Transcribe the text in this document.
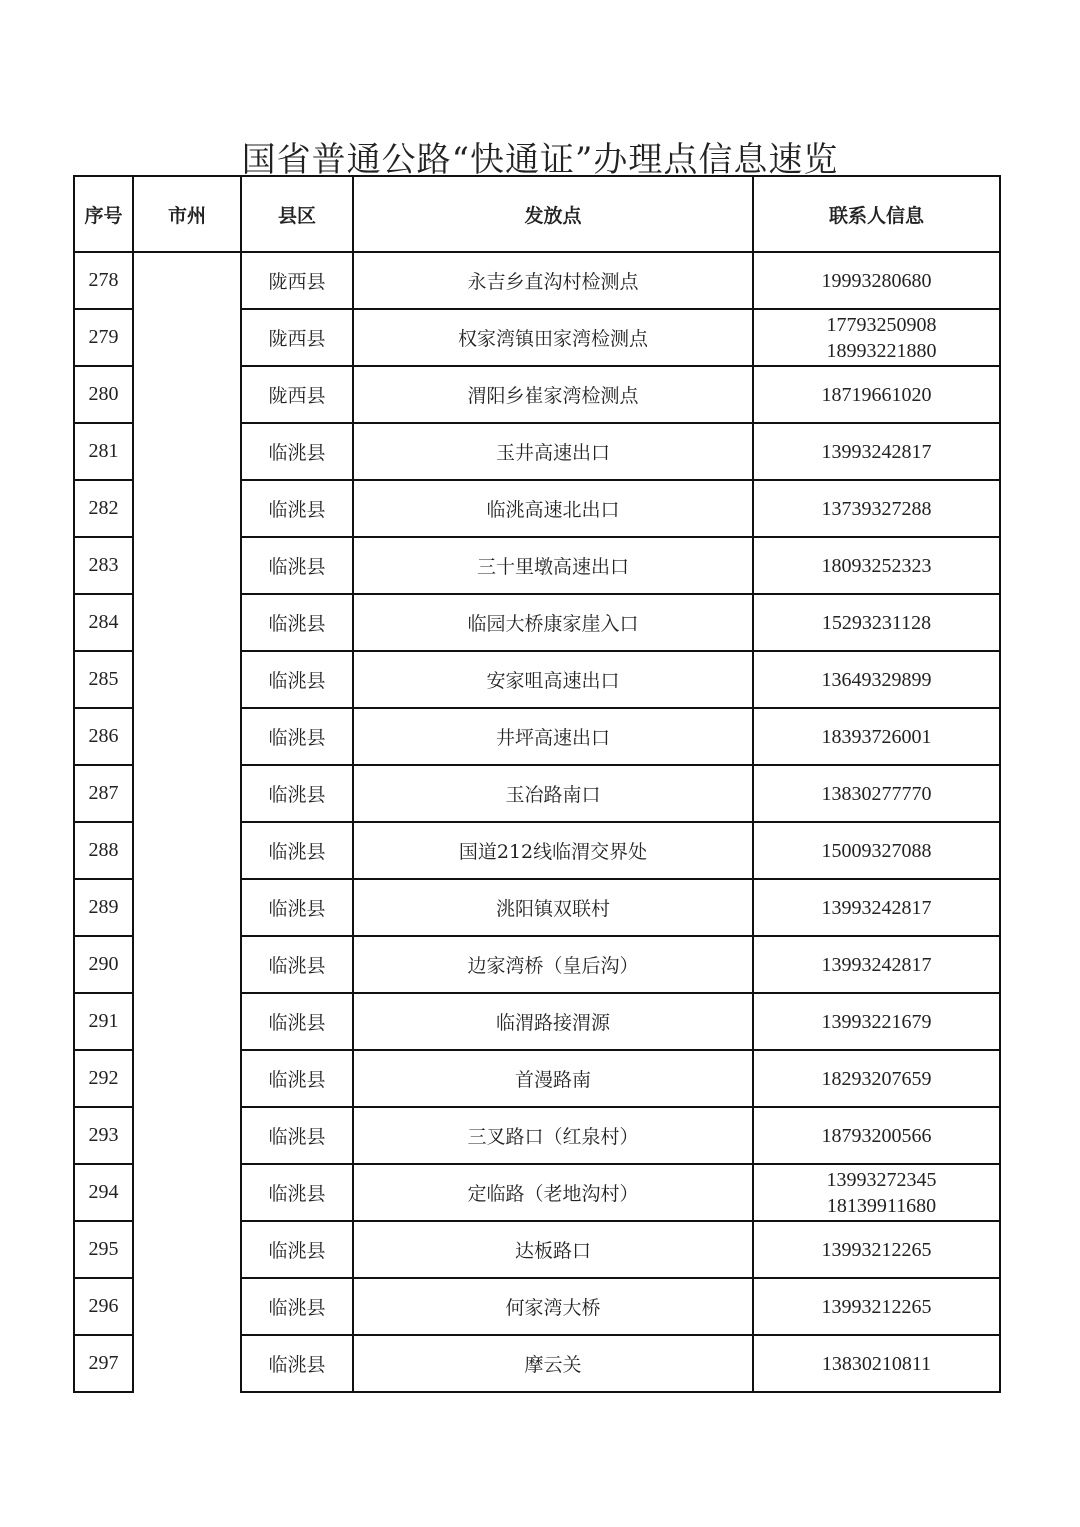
国省普通公路“快通证”办理点信息速览
序号	市州	县区	发放点	联系人信息
278		陇西县	永吉乡直沟村检测点	19993280680

279		陇西县	权家湾镇田家湾检测点	17793250908
18993221880

280		陇西县	渭阳乡崔家湾检测点	18719661020

281		临洮县	玉井高速出口	13993242817

282		临洮县	临洮高速北出口	13739327288

283		临洮县	三十里墩高速出口	18093252323

284		临洮县	临园大桥康家崖入口	15293231128

285		临洮县	安家咀高速出口	13649329899

286		临洮县	井坪高速出口	18393726001

287		临洮县	玉冶路南口	13830277770

288		临洮县	国道212线临渭交界处	15009327088

289		临洮县	洮阳镇双联村	13993242817

290		临洮县	边家湾桥（皇后沟）	13993242817

291		临洮县	临渭路接渭源	13993221679

292		临洮县	首漫路南	18293207659

293		临洮县	三叉路口（红泉村）	18793200566

294		临洮县	定临路（老地沟村）	13993272345
18139911680

295		临洮县	达板路口	13993212265

296		临洮县	何家湾大桥	13993212265

297		临洮县	摩云关	13830210811
